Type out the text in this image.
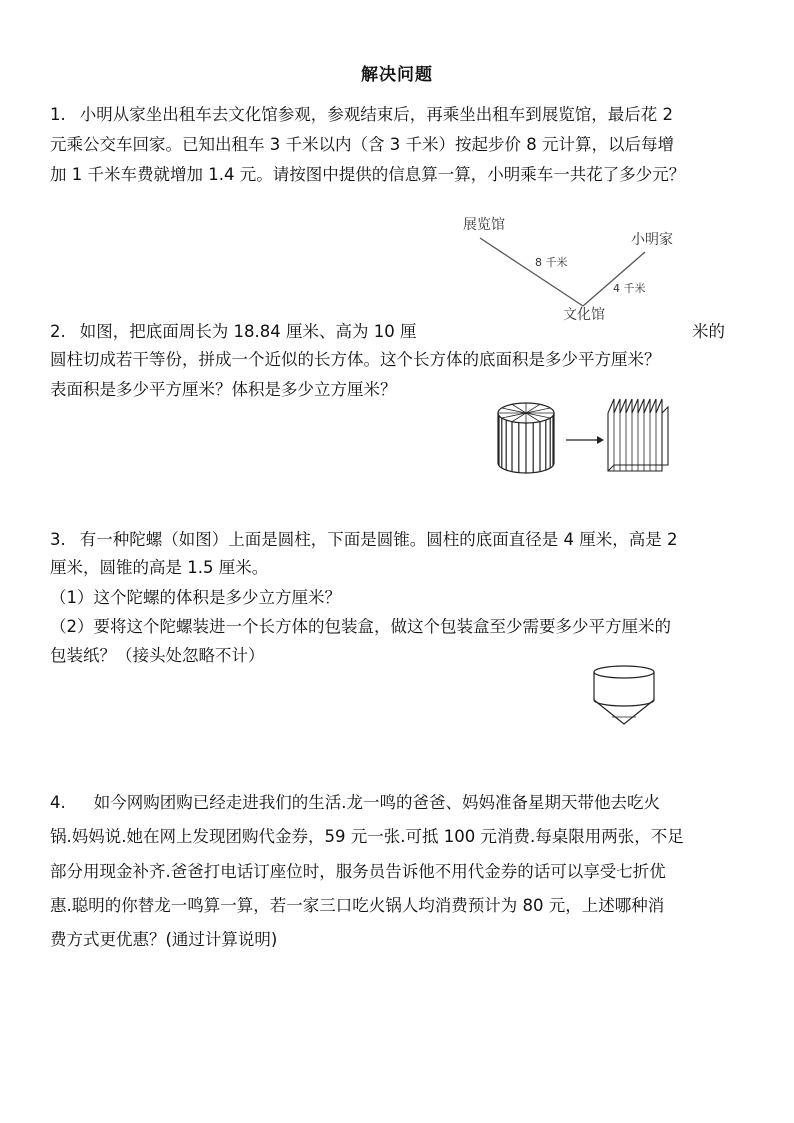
解决问题
1. 小明从家坐出租车去文化馆参观，参观结束后，再乘坐出租车到展览馆，最后花 2
元乘公交车回家。已知出租车 3 千米以内（含 3 千米）按起步价 8 元计算，以后每增
加 1 千米车费就增加 1.4 元。请按图中提供的信息算一算，小明乘车一共花了多少元？
展览馆
小明家
文化馆
8 千米
4 千米
2. 如图，把底面周长为 18.84 厘米、高为 10 厘	米的
圆柱切成若干等份，拼成一个近似的长方体。这个长方体的底面积是多少平方厘米？
表面积是多少平方厘米？体积是多少立方厘米？
3. 有一种陀螺（如图）上面是圆柱，下面是圆锥。圆柱的底面直径是 4 厘米，高是 2
厘米，圆锥的高是 1.5 厘米。
（1）这个陀螺的体积是多少立方厘米？
（2）要将这个陀螺装进一个长方体的包装盒，做这个包装盒至少需要多少平方厘米的
包装纸？（接头处忽略不计）
4. 如今网购团购已经走进我们的生活.龙一鸣的爸爸、妈妈准备星期天带他去吃火
锅.妈妈说.她在网上发现团购代金券，59 元一张.可抵 100 元消费.每桌限用两张，不足
部分用现金补齐.爸爸打电话订座位时，服务员告诉他不用代金券的话可以享受七折优
惠.聪明的你替龙一鸣算一算，若一家三口吃火锅人均消费预计为 80 元，上述哪种消
费方式更优惠？(通过计算说明)
